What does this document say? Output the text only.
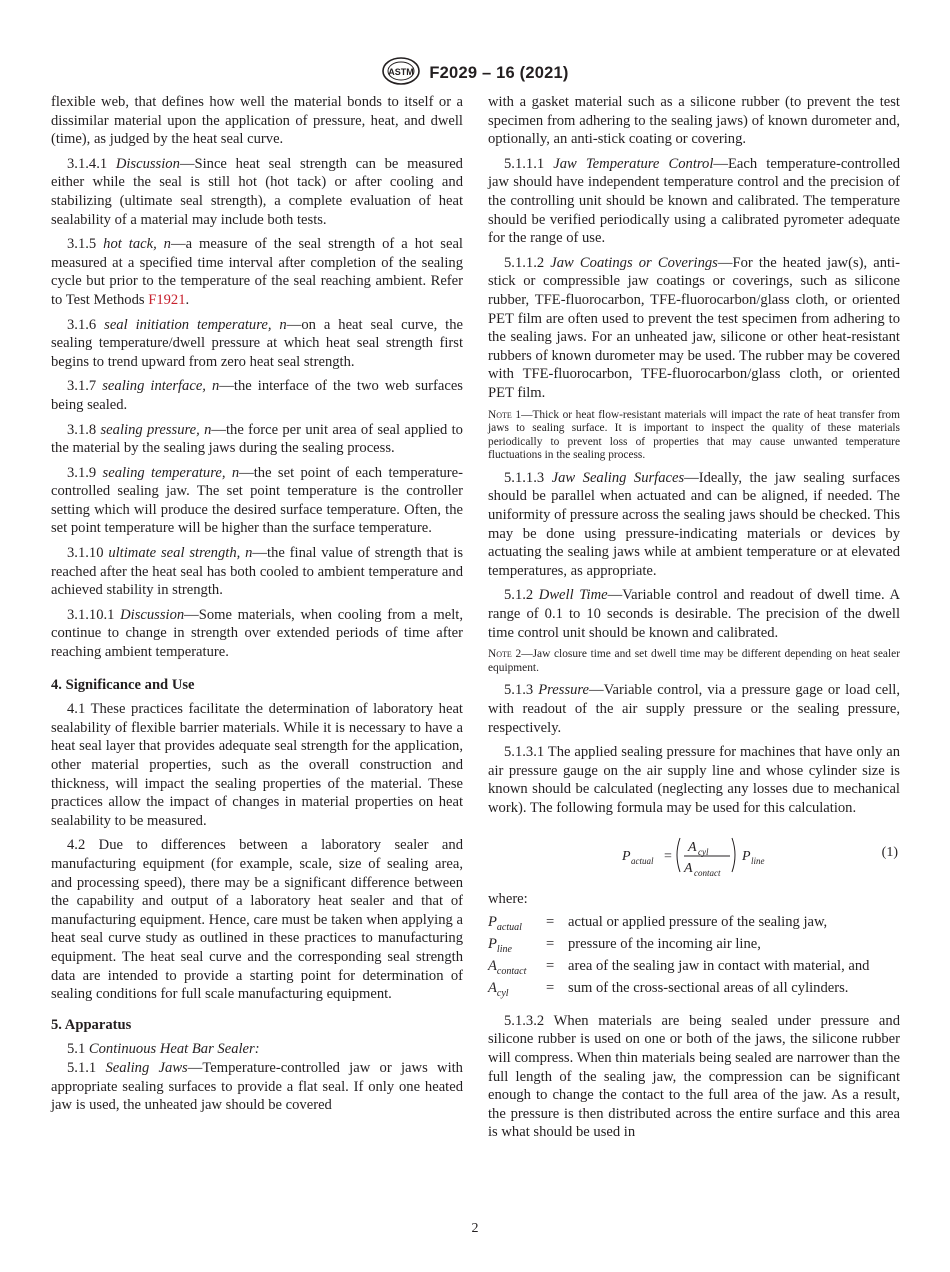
ASTM F2029 – 16 (2021)

flexible web, that defines how well the material bonds to itself or a dissimilar material upon the application of pressure, heat, and dwell (time), as judged by the heat seal curve.

3.1.4.1 Discussion—Since heat seal strength can be measured either while the seal is still hot (hot tack) or after cooling and stabilizing (ultimate seal strength), a complete evaluation of heat sealability of a material may include both tests.

3.1.5 hot tack, n—a measure of the seal strength of a hot seal measured at a specified time interval after completion of the sealing cycle but prior to the temperature of the seal reaching ambient. Refer to Test Methods F1921.

3.1.6 seal initiation temperature, n—on a heat seal curve, the sealing temperature/dwell pressure at which heat seal strength first begins to trend upward from zero heat seal strength.

3.1.7 sealing interface, n—the interface of the two web surfaces being sealed.

3.1.8 sealing pressure, n—the force per unit area of seal applied to the material by the sealing jaws during the sealing process.

3.1.9 sealing temperature, n—the set point of each temperature-controlled sealing jaw. The set point temperature is the controller setting which will produce the desired surface temperature. Often, the set point temperature will be higher than the surface temperature.

3.1.10 ultimate seal strength, n—the final value of strength that is reached after the heat seal has both cooled to ambient temperature and achieved stability in strength.

3.1.10.1 Discussion—Some materials, when cooling from a melt, continue to change in strength over extended periods of time after reaching ambient temperature.

4. Significance and Use

4.1 These practices facilitate the determination of laboratory heat sealability of flexible barrier materials. While it is necessary to have a heat seal layer that provides adequate seal strength for the application, other material properties, such as the overall construction and thickness, will impact the sealing properties of the material. These practices allow the impact of changes in material properties on heat sealability to be measured.

4.2 Due to differences between a laboratory sealer and manufacturing equipment (for example, scale, size of sealing area, and processing speed), there may be a significant difference between the capability and output of a laboratory heat sealer and that of manufacturing equipment. Hence, care must be taken when applying a heat seal curve study as outlined in these practices to manufacturing equipment. The heat seal curve and the corresponding seal strength data are intended to provide a starting point for determination of sealing conditions for full scale manufacturing equipment.

5. Apparatus

5.1 Continuous Heat Bar Sealer:

5.1.1 Sealing Jaws—Temperature-controlled jaw or jaws with appropriate sealing surfaces to provide a flat seal. If only one heated jaw is used, the unheated jaw should be covered

with a gasket material such as a silicone rubber (to prevent the test specimen from adhering to the sealing jaws) of known durometer and, optionally, an anti-stick coating or covering.

5.1.1.1 Jaw Temperature Control—Each temperature-controlled jaw should have independent temperature control and the precision of the controlling unit should be known and calibrated. The temperature should be verified periodically using a calibrated pyrometer adequate for the range of use.

5.1.1.2 Jaw Coatings or Coverings—For the heated jaw(s), anti-stick or compressible jaw coatings or coverings, such as silicone rubber, TFE-fluorocarbon, TFE-fluorocarbon/glass cloth, or oriented PET film are often used to prevent the test specimen from adhering to the sealing jaws. For an unheated jaw, silicone or other heat-resistant rubbers of known durometer may be used. The rubber may be covered with TFE-fluorocarbon, TFE-fluorocarbon/glass cloth, or oriented PET film.

Note 1—Thick or heat flow-resistant materials will impact the rate of heat transfer from jaws to sealing surface. It is important to inspect the quality of these materials periodically to prevent loss of properties that may cause unwanted temperature fluctuations in the sealing process.

5.1.1.3 Jaw Sealing Surfaces—Ideally, the jaw sealing surfaces should be parallel when actuated and can be aligned, if needed. The uniformity of pressure across the sealing jaws should be checked. This may be done using pressure-indicating materials or devices by actuating the sealing jaws while at ambient temperature or at elevated temperatures, as appropriate.

5.1.2 Dwell Time—Variable control and readout of dwell time. A range of 0.1 to 10 seconds is desirable. The precision of the dwell time control unit should be known and calibrated.

Note 2—Jaw closure time and set dwell time may be different depending on heat sealer equipment.

5.1.3 Pressure—Variable control, via a pressure gage or load cell, with readout of the air supply pressure or the sealing pressure, respectively.

5.1.3.1 The applied sealing pressure for machines that have only an air pressure gauge on the air supply line and whose cylinder size is known should be calculated (neglecting any losses due to mechanical work). The following formula may be used for this calculation.

P actual =
A cyl
A contact
P line
(1)

where:

$P_{actual}$	=	actual or applied pressure of the sealing jaw,
$P_{line}$	=	pressure of the incoming air line,
$A_{contact}$	=	area of the sealing jaw in contact with material, and
$A_{cyl}$	=	sum of the cross-sectional areas of all cylinders.

5.1.3.2 When materials are being sealed under pressure and silicone rubber is used on one or both of the jaws, the silicone rubber will compress. When thin materials being sealed are narrower than the full length of the sealing jaw, the compression can be significant enough to change the contact to the full area of the jaw. As a result, the pressure is then distributed across the entire surface and this area is what should be used in

2
